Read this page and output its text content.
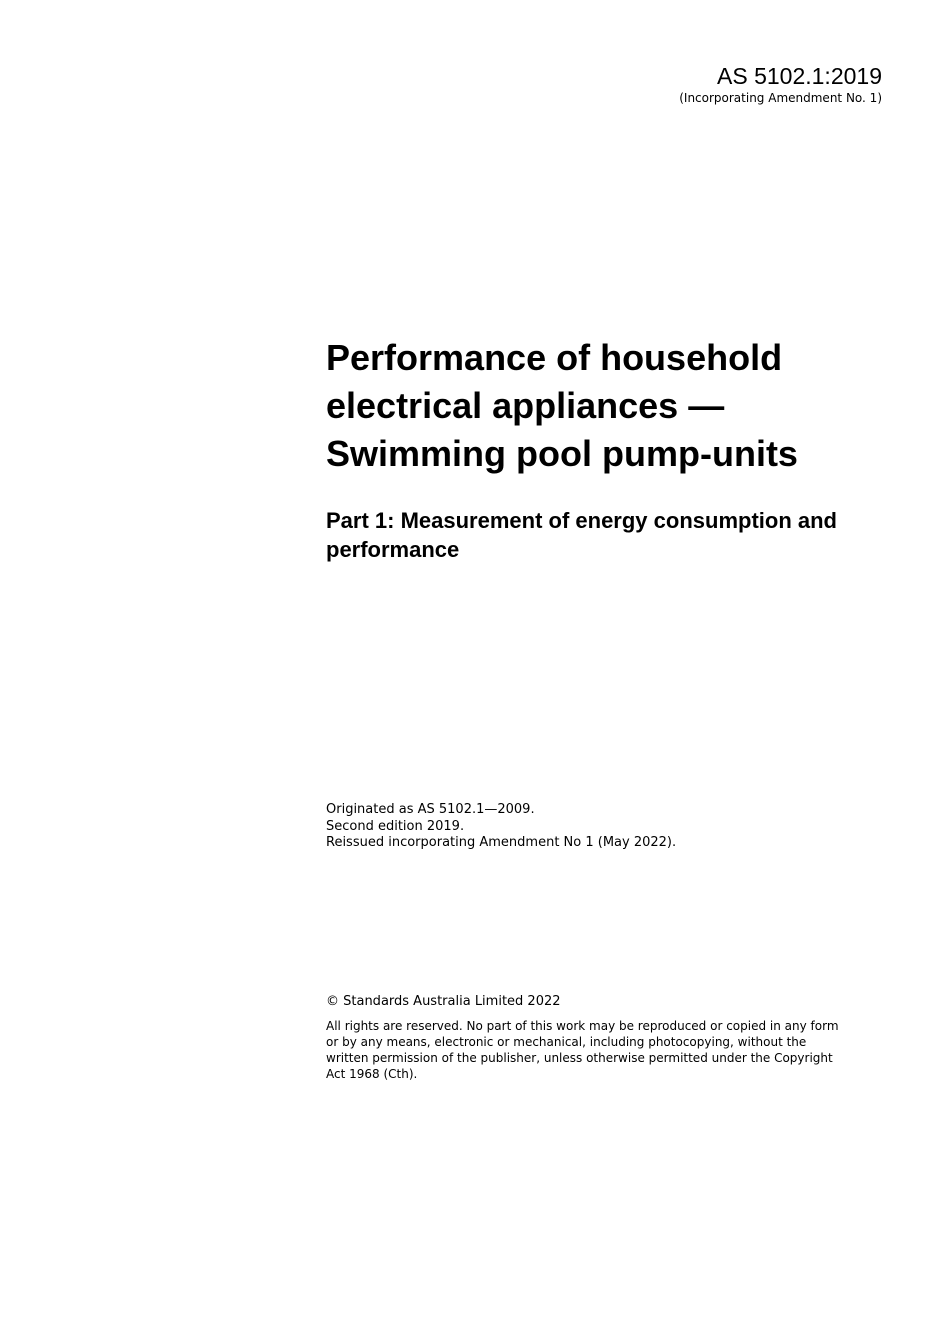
AS 5102.1:2019
(Incorporating Amendment No. 1)
Performance of household
electrical appliances —
Swimming pool pump-units
Part 1: Measurement of energy consumption and performance
Originated as AS 5102.1—2009.
Second edition 2019.
Reissued incorporating Amendment No 1 (May 2022).
© Standards Australia Limited 2022
All rights are reserved. No part of this work may be reproduced or copied in any form or by any means, electronic or mechanical, including photocopying, without the written permission of the publisher, unless otherwise permitted under the Copyright Act 1968 (Cth).
